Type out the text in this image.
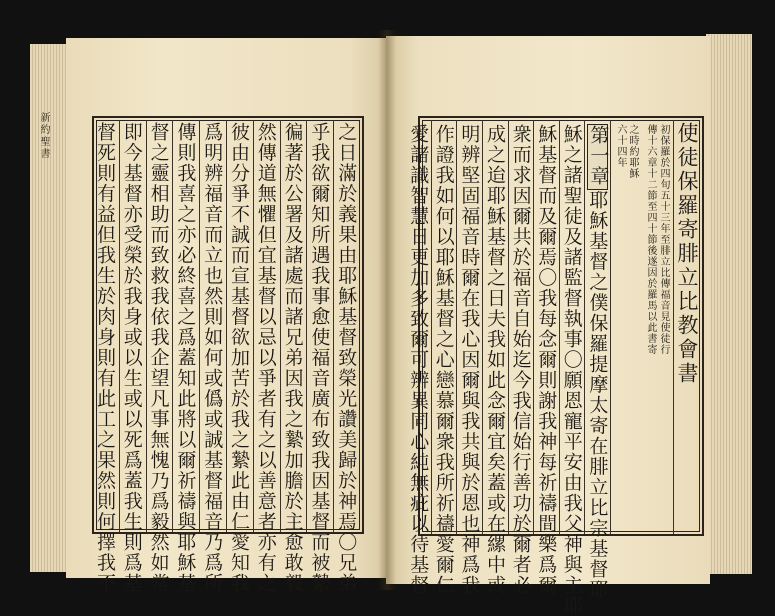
新約聖書	之日滿於義果由耶穌基督致榮光讚美歸於神焉〇兄弟
乎我欲爾知所遇我事愈使福音廣布致我因基督而被縶
徧著於公署及諸處而諸兄弟因我之縶加膽於主愈敢毅
然傳道無懼但宜基督以忌以爭者有之以善意者亦有之
彼由分爭不誠而宣基督欲加苦於我之縶此由仁愛知我
爲明辨福音而立也然則如何或僞或誠基督福音乃爲所
傳則我喜之亦必終喜之爲蓋知此將以爾祈禱與耶穌基
督之靈相助而致救我依我企望凡事無愧乃爲毅然如常
即今基督亦受榮於我身或以生或以死爲蓋我生則爲基
督死則有益但我生於肉身則有此工之果然則何擇我不	使徒保羅寄腓立比教會書
初保羅於四旬五十三年至腓立比傳福音見使徒行
傳十六章十二節至四十節後遂因於羅馬以此書寄
之時約耶穌
六十四年
第一章
耶穌基督之僕保羅提摩太寄在腓立比宗基督耶
穌之諸聖徒及諸監督執事〇願恩寵平安由我父神與主耶
穌基督而及爾焉〇我每念爾則謝我神每祈禱間樂爲爾
衆而求因爾共於福音自始迄今我信始行善功於爾者必
成之迨耶穌基督之日夫我如此念爾宜矣蓋或在縲中或
明辨堅固福音時爾在我心因爾與我共與於恩也神爲我
作證我如何以耶穌基督之心戀慕爾衆我所祈禱愛爾仁
愛諸識智慧日更加多致爾可辨異同心純無疵以待基督
